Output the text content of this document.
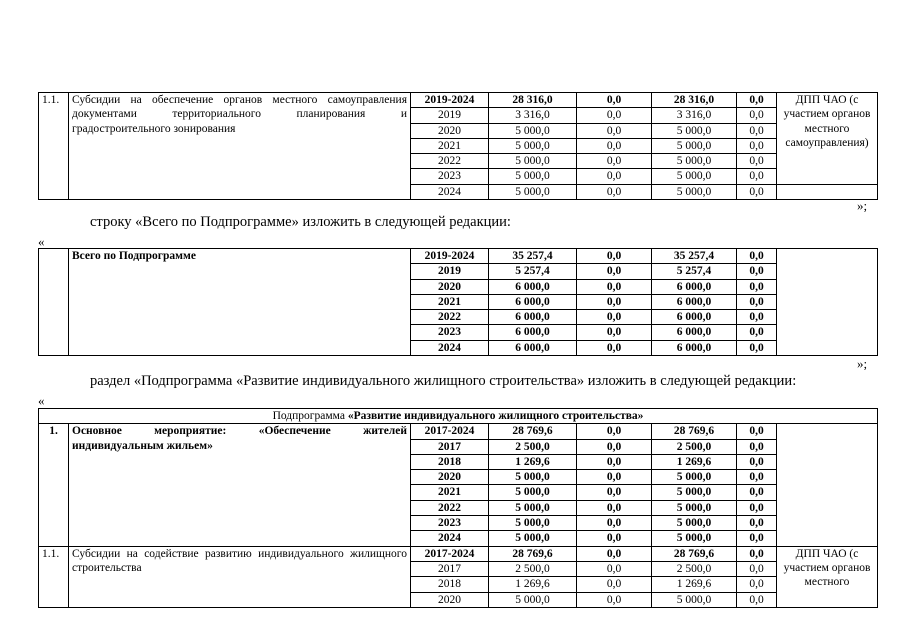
1.1.	Субсидии на обеспечение органов местного самоуправления документами территориального планирования и градостроительного зонирования	2019-2024	28 316,0	0,0	28 316,0	0,0	ДПП ЧАО (с участием органов местного самоуправления)
		2019	3 316,0	0,0	3 316,0	0,0	
		2020	5 000,0	0,0	5 000,0	0,0	
		2021	5 000,0	0,0	5 000,0	0,0	
		2022	5 000,0	0,0	5 000,0	0,0	
		2023	5 000,0	0,0	5 000,0	0,0	
		2024	5 000,0	0,0	5 000,0	0,0	
»;
строку «Всего по Подпрограмме» изложить в следующей редакции:
«
	Всего по Подпрограмме	2019-2024	35 257,4	0,0	35 257,4	0,0	
		2019	5 257,4	0,0	5 257,4	0,0	
		2020	6 000,0	0,0	6 000,0	0,0	
		2021	6 000,0	0,0	6 000,0	0,0	
		2022	6 000,0	0,0	6 000,0	0,0	
		2023	6 000,0	0,0	6 000,0	0,0	
		2024	6 000,0	0,0	6 000,0	0,0	
»;
раздел «Подпрограмма «Развитие индивидуального жилищного строительства» изложить в следующей редакции:
«
Подпрограмма «Развитие индивидуального жилищного строительства»							
1.	Основное мероприятие: «Обеспечение жителей индивидуальным жильем»	2017-2024	28 769,6	0,0	28 769,6	0,0	
		2017	2 500,0	0,0	2 500,0	0,0	
		2018	1 269,6	0,0	1 269,6	0,0	
		2020	5 000,0	0,0	5 000,0	0,0	
		2021	5 000,0	0,0	5 000,0	0,0	
		2022	5 000,0	0,0	5 000,0	0,0	
		2023	5 000,0	0,0	5 000,0	0,0	
		2024	5 000,0	0,0	5 000,0	0,0	
1.1.	Субсидии на содействие развитию индивидуального жилищного строительства	2017-2024	28 769,6	0,0	28 769,6	0,0	ДПП ЧАО (с участием органов местного
		2017	2 500,0	0,0	2 500,0	0,0	
		2018	1 269,6	0,0	1 269,6	0,0	
		2020	5 000,0	0,0	5 000,0	0,0	
